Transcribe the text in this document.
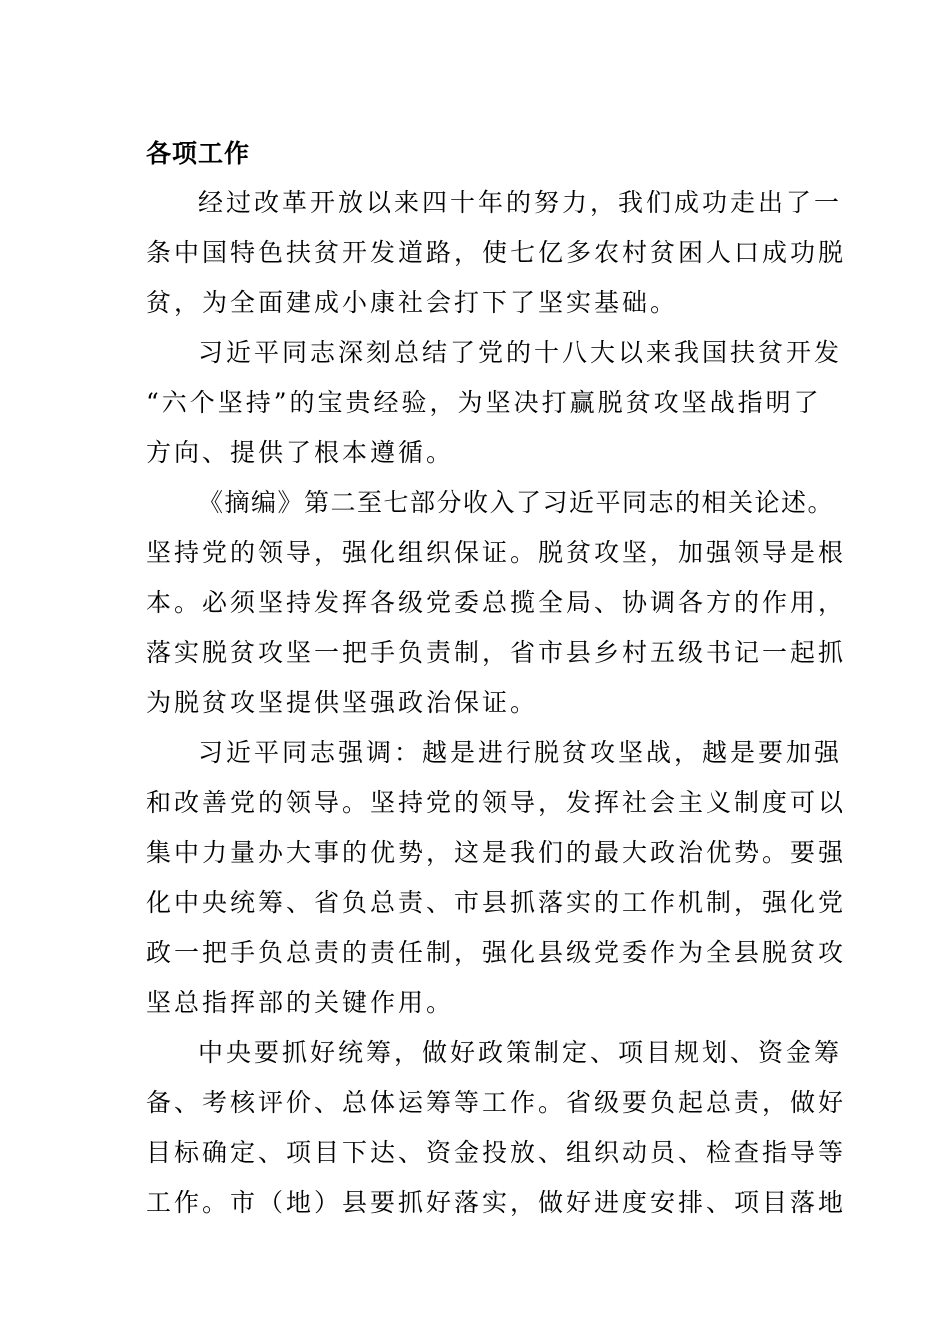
各项工作
经过改革开放以来四十年的努力，我们成功走出了一
条中国特色扶贫开发道路，使七亿多农村贫困人口成功脱
贫，为全面建成小康社会打下了坚实基础。
习近平同志深刻总结了党的十八大以来我国扶贫开发
“六个坚持”的宝贵经验，为坚决打赢脱贫攻坚战指明了
方向、提供了根本遵循。
《摘编》第二至七部分收入了习近平同志的相关论述。
坚持党的领导，强化组织保证。脱贫攻坚，加强领导是根
本。必须坚持发挥各级党委总揽全局、协调各方的作用，
落实脱贫攻坚一把手负责制，省市县乡村五级书记一起抓
为脱贫攻坚提供坚强政治保证。
习近平同志强调：越是进行脱贫攻坚战，越是要加强
和改善党的领导。坚持党的领导，发挥社会主义制度可以
集中力量办大事的优势，这是我们的最大政治优势。要强
化中央统筹、省负总责、市县抓落实的工作机制，强化党
政一把手负总责的责任制，强化县级党委作为全县脱贫攻
坚总指挥部的关键作用。
中央要抓好统筹，做好政策制定、项目规划、资金筹
备、考核评价、总体运筹等工作。省级要负起总责，做好
目标确定、项目下达、资金投放、组织动员、检查指导等
工作。市（地）县要抓好落实，做好进度安排、项目落地
